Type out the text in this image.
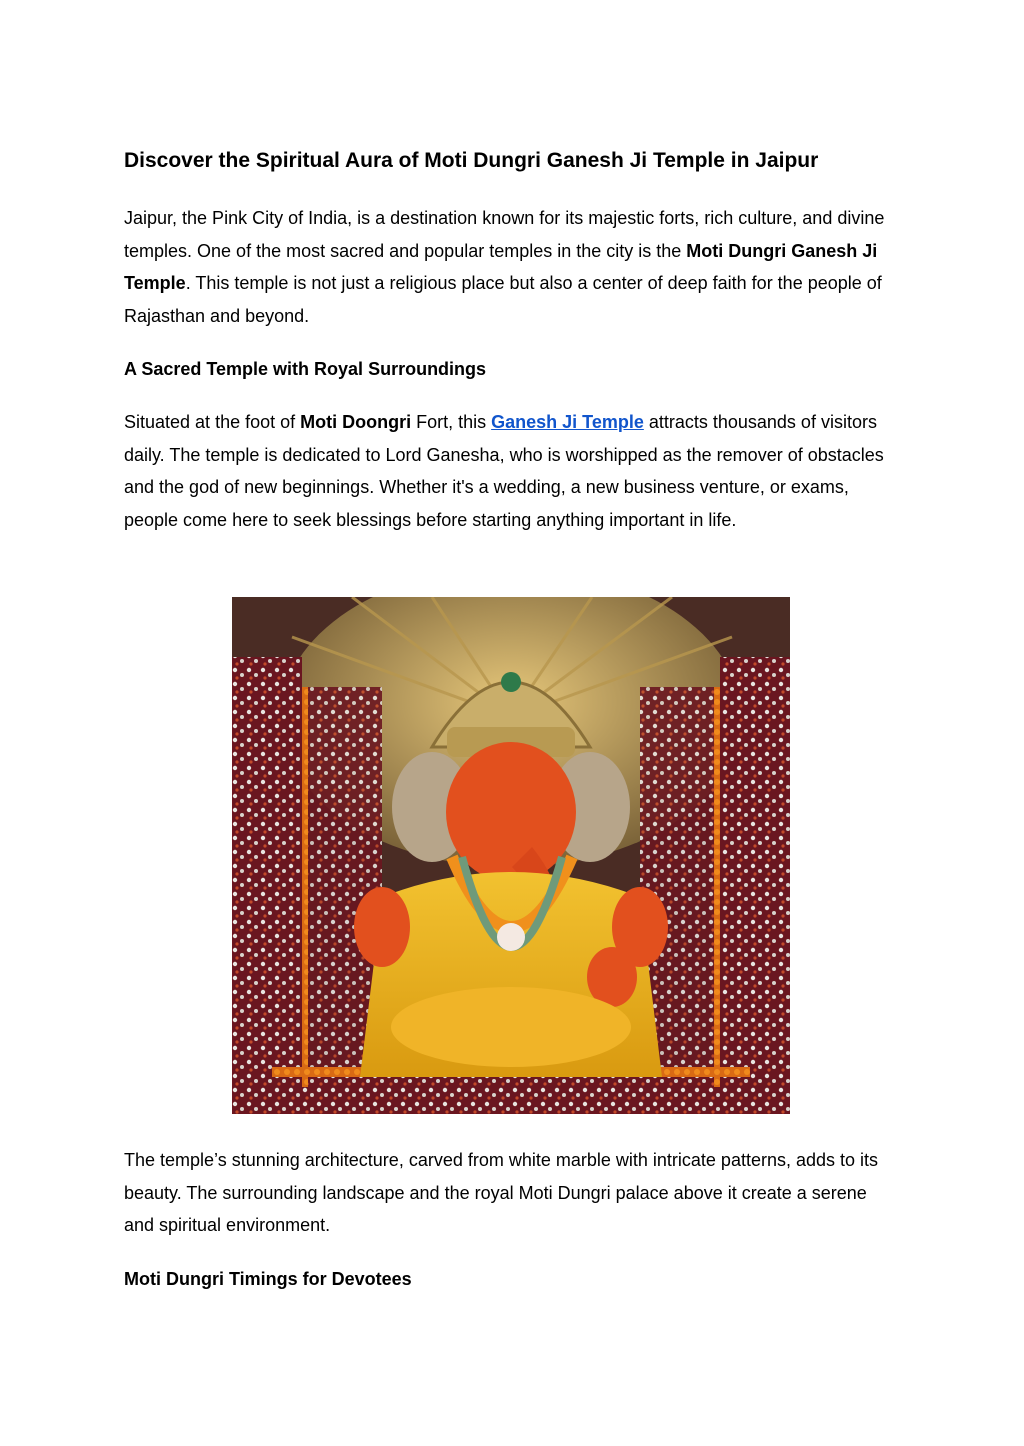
Discover the Spiritual Aura of Moti Dungri Ganesh Ji Temple in Jaipur

Jaipur, the Pink City of India, is a destination known for its majestic forts, rich culture, and divine temples. One of the most sacred and popular temples in the city is the Moti Dungri Ganesh Ji Temple. This temple is not just a religious place but also a center of deep faith for the people of Rajasthan and beyond.

A Sacred Temple with Royal Surroundings

Situated at the foot of Moti Doongri Fort, this Ganesh Ji Temple attracts thousands of visitors daily. The temple is dedicated to Lord Ganesha, who is worshipped as the remover of obstacles and the god of new beginnings. Whether it's a wedding, a new business venture, or exams, people come here to seek blessings before starting anything important in life.

The temple’s stunning architecture, carved from white marble with intricate patterns, adds to its beauty. The surrounding landscape and the royal Moti Dungri palace above it create a serene and spiritual environment.

Moti Dungri Timings for Devotees
